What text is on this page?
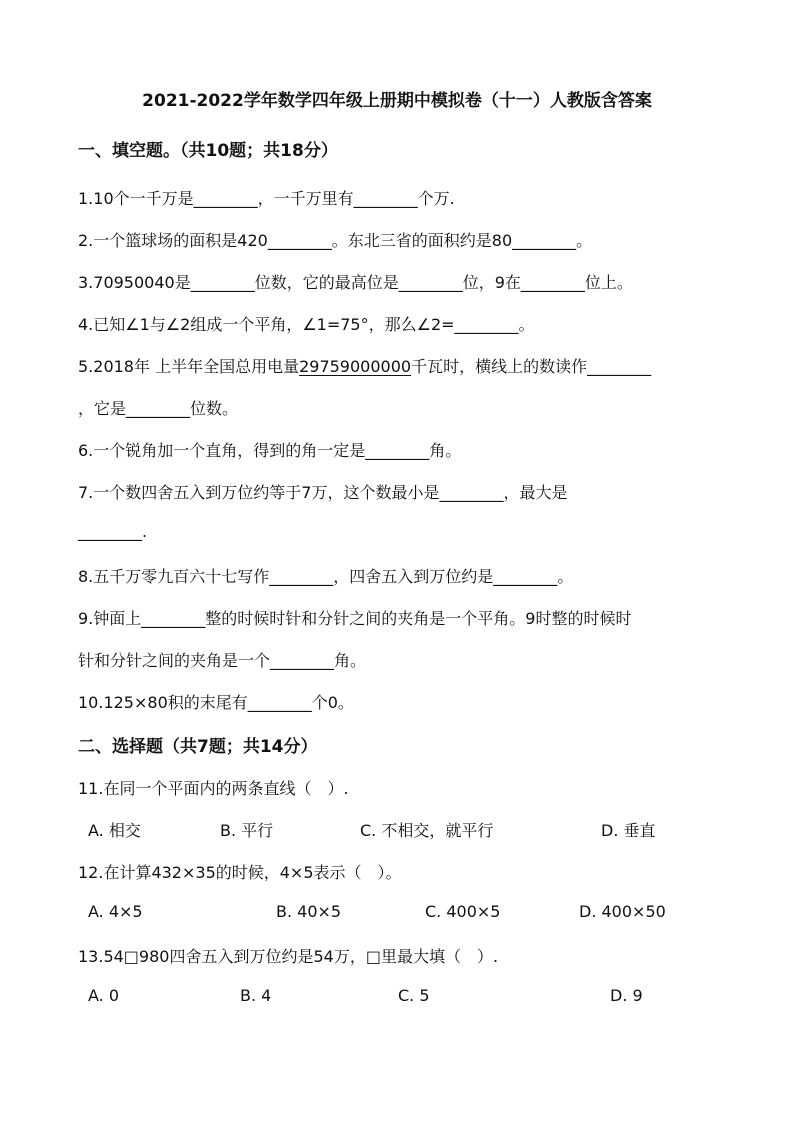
2021-2022学年数学四年级上册期中模拟卷（十一）人教版含答案
一、填空题。（共10题；共18分）
1.10个一千万是________，一千万里有________个万.
2.一个篮球场的面积是420________。东北三省的面积约是80________。
3.70950040是________位数，它的最高位是________位，9在________位上。
4.已知∠1与∠2组成一个平角，∠1=75°，那么∠2=________。
5.2018年 上半年全国总用电量29759000000千瓦时，横线上的数读作________
，它是________位数。
6.一个锐角加一个直角，得到的角一定是________角。
7.一个数四舍五入到万位约等于7万，这个数最小是________，最大是
________.
8.五千万零九百六十七写作________，四舍五入到万位约是________。
9.钟面上________整的时候时针和分针之间的夹角是一个平角。9时整的时候时
针和分针之间的夹角是一个________角。
10.125×80积的末尾有________个0。
二、选择题（共7题；共14分）
11.在同一个平面内的两条直线（　）.
A. 相交	B. 平行	C. 不相交，就平行	D. 垂直
12.在计算432×35的时候，4×5表示（　）。
A. 4×5	B. 40×5	C. 400×5	D. 400×50
13.54□980四舍五入到万位约是54万，□里最大填（　）.
A. 0	B. 4	C. 5	D. 9
